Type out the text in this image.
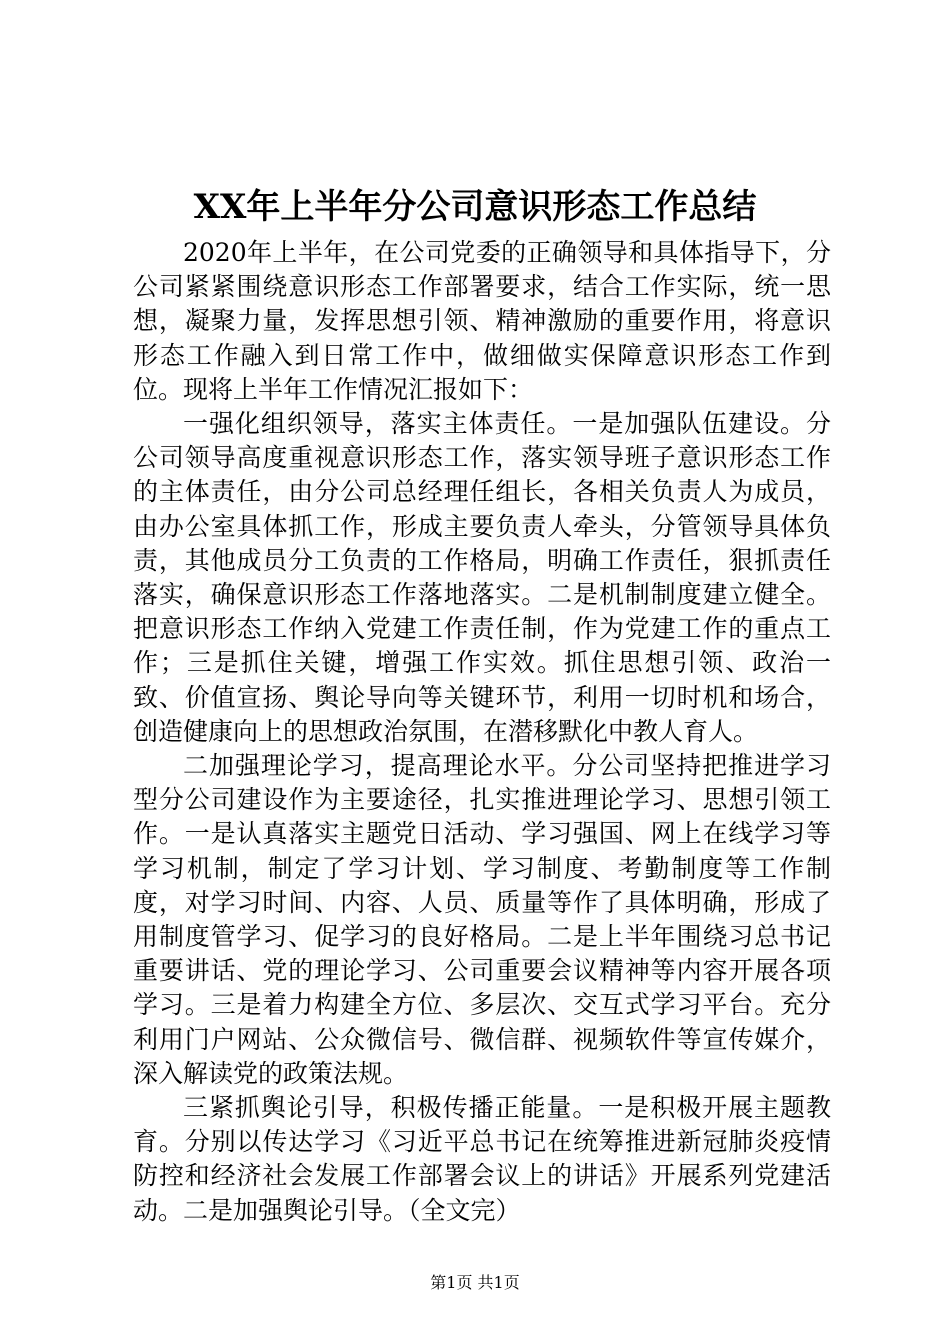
XX年上半年分公司意识形态工作总结

2020年上半年，在公司党委的正确领导和具体指导下，分公司紧紧围绕意识形态工作部署要求，结合工作实际，统一思想，凝聚力量，发挥思想引领、精神激励的重要作用，将意识形态工作融入到日常工作中，做细做实保障意识形态工作到位。现将上半年工作情况汇报如下：

一强化组织领导，落实主体责任。一是加强队伍建设。分公司领导高度重视意识形态工作，落实领导班子意识形态工作的主体责任，由分公司总经理任组长，各相关负责人为成员，由办公室具体抓工作，形成主要负责人牵头，分管领导具体负责，其他成员分工负责的工作格局，明确工作责任，狠抓责任落实，确保意识形态工作落地落实。二是机制制度建立健全。把意识形态工作纳入党建工作责任制，作为党建工作的重点工作；三是抓住关键，增强工作实效。抓住思想引领、政治一致、价值宣扬、舆论导向等关键环节，利用一切时机和场合，创造健康向上的思想政治氛围，在潜移默化中教人育人。

二加强理论学习，提高理论水平。分公司坚持把推进学习型分公司建设作为主要途径，扎实推进理论学习、思想引领工作。一是认真落实主题党日活动、学习强国、网上在线学习等学习机制，制定了学习计划、学习制度、考勤制度等工作制度，对学习时间、内容、人员、质量等作了具体明确，形成了用制度管学习、促学习的良好格局。二是上半年围绕习总书记重要讲话、党的理论学习、公司重要会议精神等内容开展各项学习。三是着力构建全方位、多层次、交互式学习平台。充分利用门户网站、公众微信号、微信群、视频软件等宣传媒介，深入解读党的政策法规。

三紧抓舆论引导，积极传播正能量。一是积极开展主题教育。分别以传达学习《习近平总书记在统筹推进新冠肺炎疫情防控和经济社会发展工作部署会议上的讲话》开展系列党建活动。二是加强舆论引导。（全文完）

第1页 共1页
